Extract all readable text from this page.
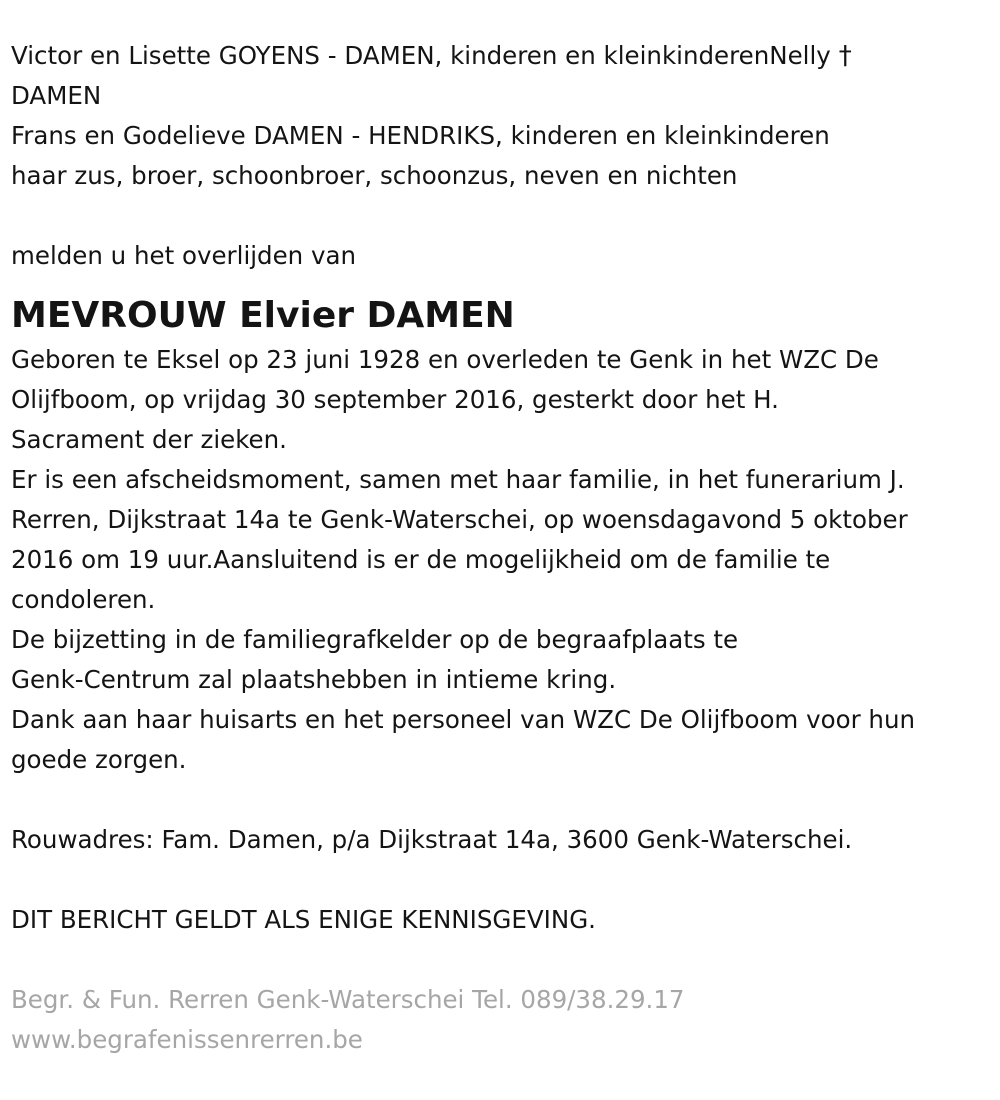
Victor en Lisette GOYENS - DAMEN, kinderen en kleinkinderenNelly †
DAMEN
Frans en Godelieve DAMEN - HENDRIKS, kinderen en kleinkinderen
haar zus, broer, schoonbroer, schoonzus, neven en nichten
melden u het overlijden van
MEVROUW Elvier DAMEN
Geboren te Eksel op 23 juni 1928 en overleden te Genk in het WZC De
Olijfboom, op vrijdag 30 september 2016, gesterkt door het H.
Sacrament der zieken.
Er is een afscheidsmoment, samen met haar familie, in het funerarium J.
Rerren, Dijkstraat 14a te Genk-Waterschei, op woensdagavond 5 oktober
2016 om 19 uur.Aansluitend is er de mogelijkheid om de familie te
condoleren.
De bijzetting in de familiegrafkelder op de begraafplaats te
Genk-Centrum zal plaatshebben in intieme kring.
Dank aan haar huisarts en het personeel van WZC De Olijfboom voor hun
goede zorgen.
Rouwadres: Fam. Damen, p/a Dijkstraat 14a, 3600 Genk-Waterschei.
DIT BERICHT GELDT ALS ENIGE KENNISGEVING.
Begr. & Fun. Rerren Genk-Waterschei Tel. 089/38.29.17
www.begrafenissenrerren.be
